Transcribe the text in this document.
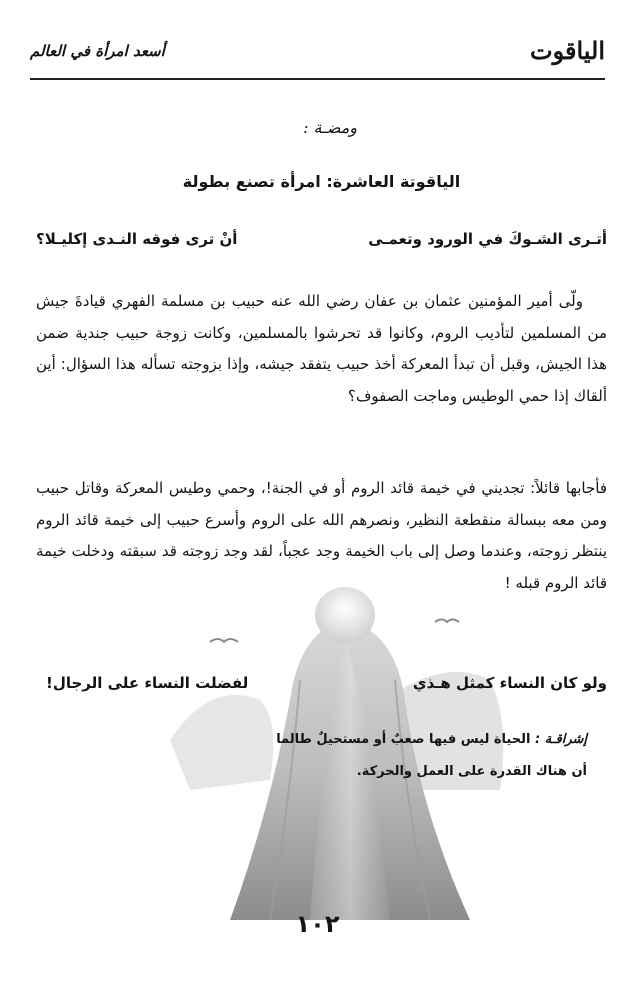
الياقوت
أسعد امرأة في العالم
ومضـة :
الياقوتة العاشرة: امرأة تصنع بطولة
أتـرى الشـوكَ في الورود وتعمـى
أنْ ترى فوقه النـدى إكليـلا؟
ولّى أمير المؤمنين عثمان بن عفان رضي الله عنه حبيب بن مسلمة الفهري قيادةَ جيش من المسلمين لتأديب الروم، وكانوا قد تحرشوا بالمسلمين، وكانت زوجة حبيب جندية ضمن هذا الجيش، وقبل أن تبدأ المعركة أخذ حبيب يتفقد جيشه، وإذا بزوجته تسأله هذا السؤال: أين ألقاك إذا حمي الوطيس وماجت الصفوف؟
فأجابها قائلاً: تجديني في خيمة قائد الروم أو في الجنة!، وحمي وطيس المعركة وقاتل حبيب ومن معه ببسالة منقطعة النظير، ونصرهم الله على الروم وأسرع حبيب إلى خيمة قائد الروم ينتظر زوجته، وعندما وصل إلى باب الخيمة وجد عجباً، لقد وجد زوجته قد سبقته ودخلت خيمة قائد الروم قبله !
ولو كان النساء كمثل هـذي
لفضلت النساء على الرجال!
إشراقـة : الحياة ليس فيها صعبٌ أو مستحيلٌ طالما
أن هناك القدرة على العمل والحركة.
١٠٢
